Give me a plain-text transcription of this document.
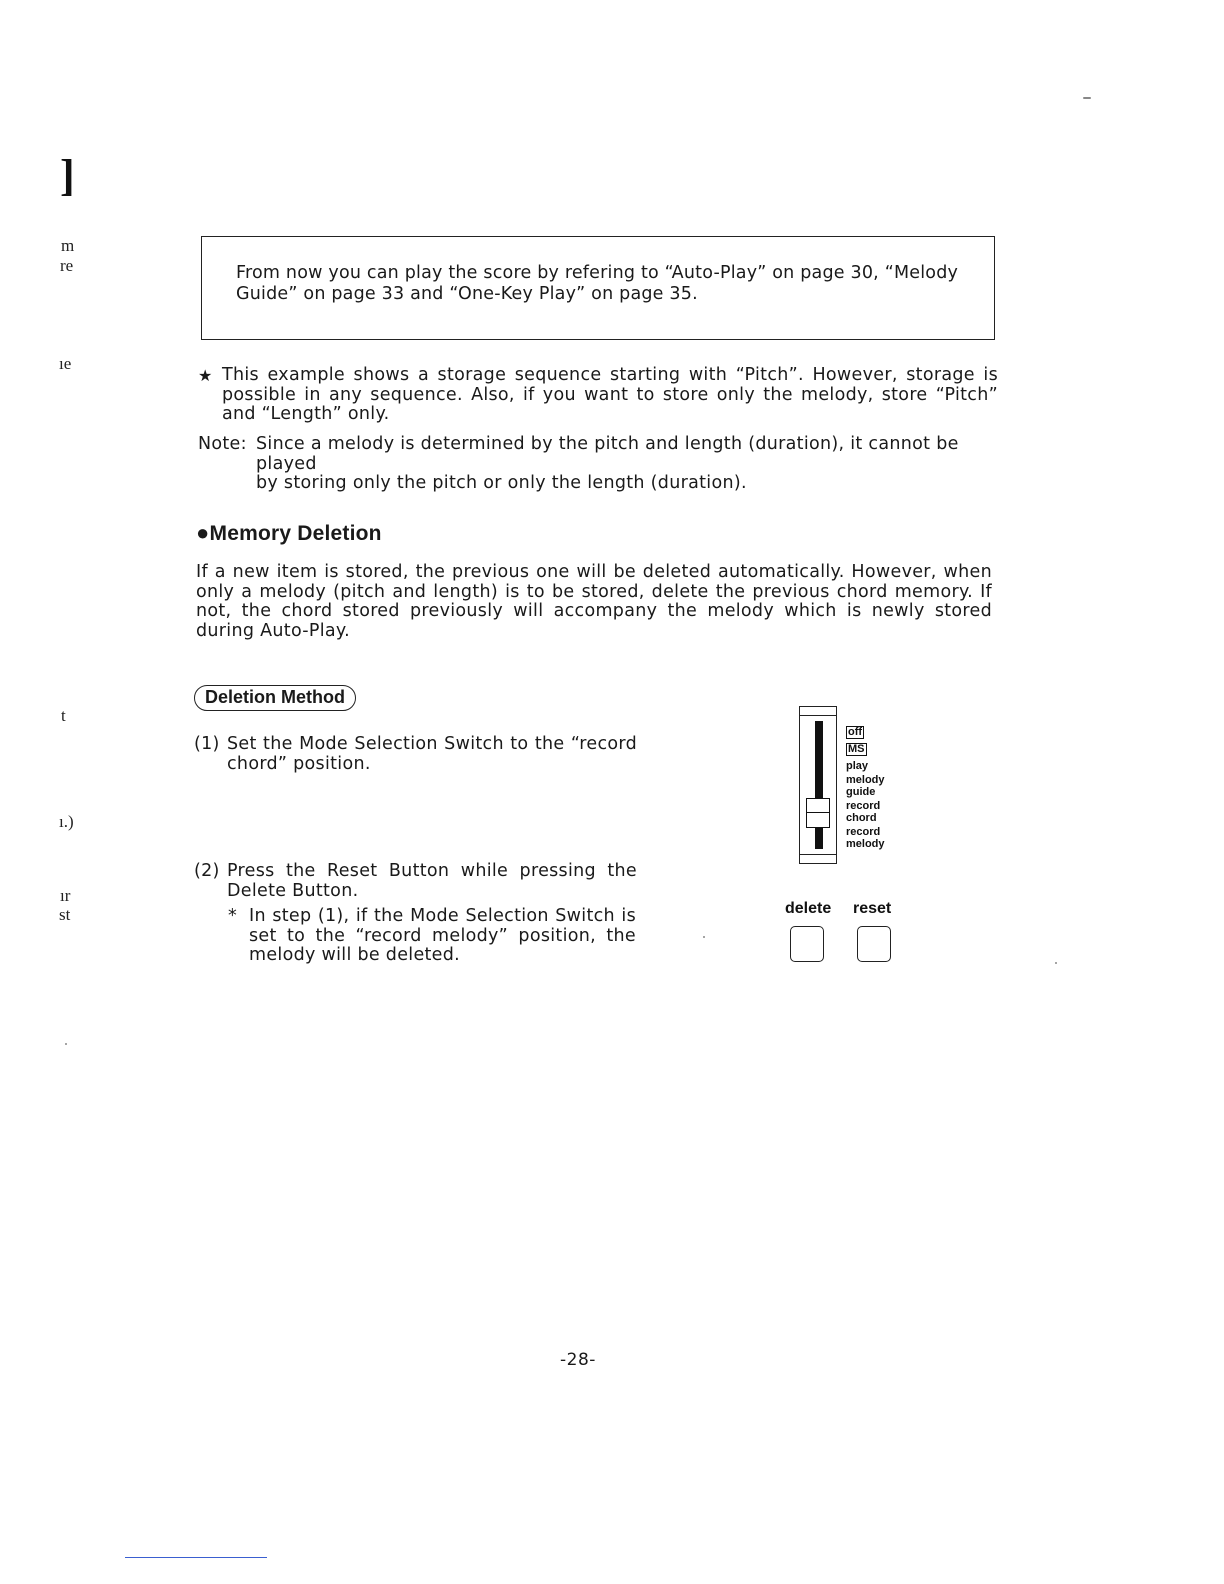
]
m
re
ıe
t
ı.)
ır
st
From now you can play the score by refering to “Auto-Play” on page 30, “Melody Guide” on page 33 and “One-Key Play” on page 35.
★ This example shows a storage sequence starting with “Pitch”. However, storage is possible in any sequence. Also, if you want to store only the melody, store “Pitch” and “Length” only.
Note: Since a melody is determined by the pitch and length (duration), it cannot be played
by storing only the pitch or only the length (duration).
●Memory Deletion
If a new item is stored, the previous one will be deleted automatically. However, when only a melody (pitch and length) is to be stored, delete the previous chord memory. If not, the chord stored previously will accompany the melody which is newly stored during Auto-Play.
Deletion Method
(1) Set the Mode Selection Switch to the “record chord” position.
(2) Press the Reset Button while pressing the Delete Button.
* In step (1), if the Mode Selection Switch is set to the “record melody” position, the melody will be deleted.
off
MS
play
melody
guide
record
chord
record
melody
delete reset
-28-
